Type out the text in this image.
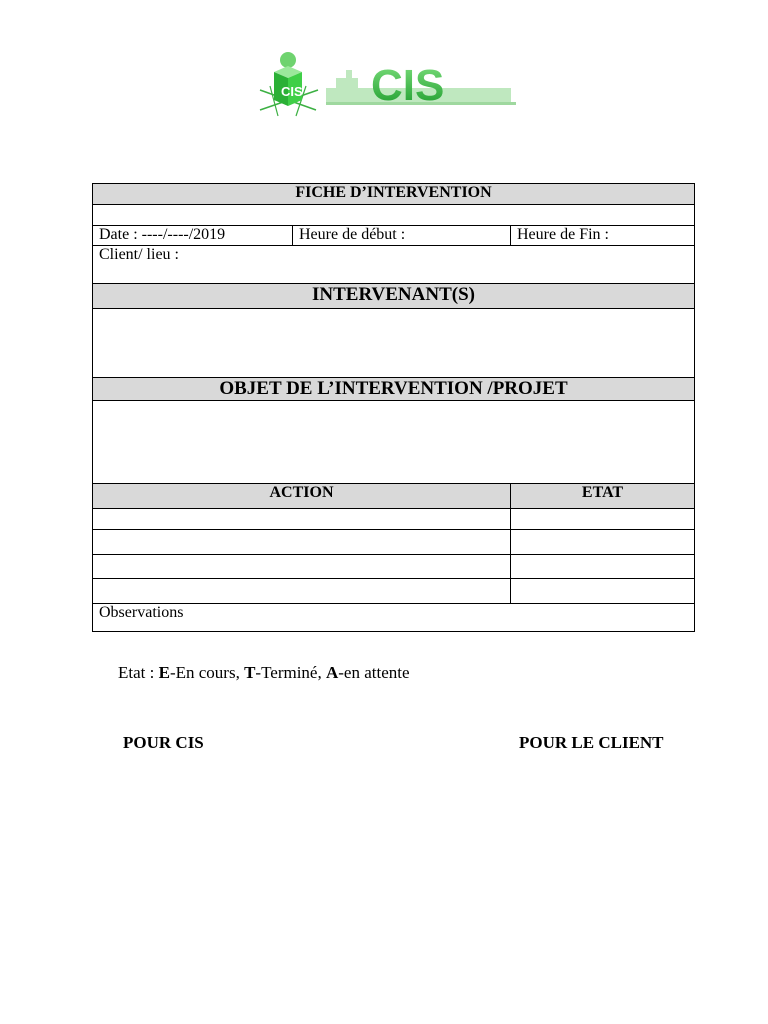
CIS CIS
FICHE D’INTERVENTION		

Date : ----/----/2019	Heure de début :	Heure de Fin :
Client/ lieu :		
INTERVENANT(S)		

OBJET DE L’INTERVENTION /PROJET		

ACTION		ETAT

Observations		
Etat : E-En cours, T-Terminé, A-en attente
POUR CIS	POUR LE CLIENT
